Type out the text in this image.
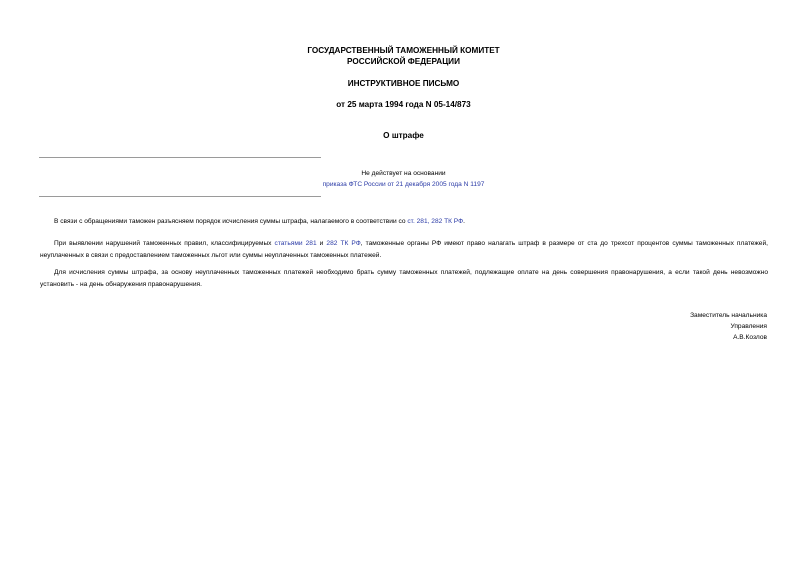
ГОСУДАРСТВЕННЫЙ ТАМОЖЕННЫЙ КОМИТЕТ
РОССИЙСКОЙ ФЕДЕРАЦИИ
ИНСТРУКТИВНОЕ ПИСЬМО
от 25 марта 1994 года N 05-14/873
О штрафе
Не действует на основании
приказа ФТС России от 21 декабря 2005 года N 1197
В связи с обращениями таможен разъясняем порядок исчисления суммы штрафа, налагаемого в соответствии со ст. 281, 282 ТК РФ.
При выявлении нарушений таможенных правил, классифицируемых статьями 281 и 282 ТК РФ, таможенные органы РФ имеют право налагать штраф в размере от ста до трехсот процентов суммы таможенных платежей, неуплаченных в связи с предоставлением таможенных льгот или суммы неуплаченных таможенных платежей.
Для исчисления суммы штрафа, за основу неуплаченных таможенных платежей необходимо брать сумму таможенных платежей, подлежащие оплате на день совершения правонарушения, а если такой день невозможно установить - на день обнаружения правонарушения.
Заместитель начальника
Управления
А.В.Козлов
